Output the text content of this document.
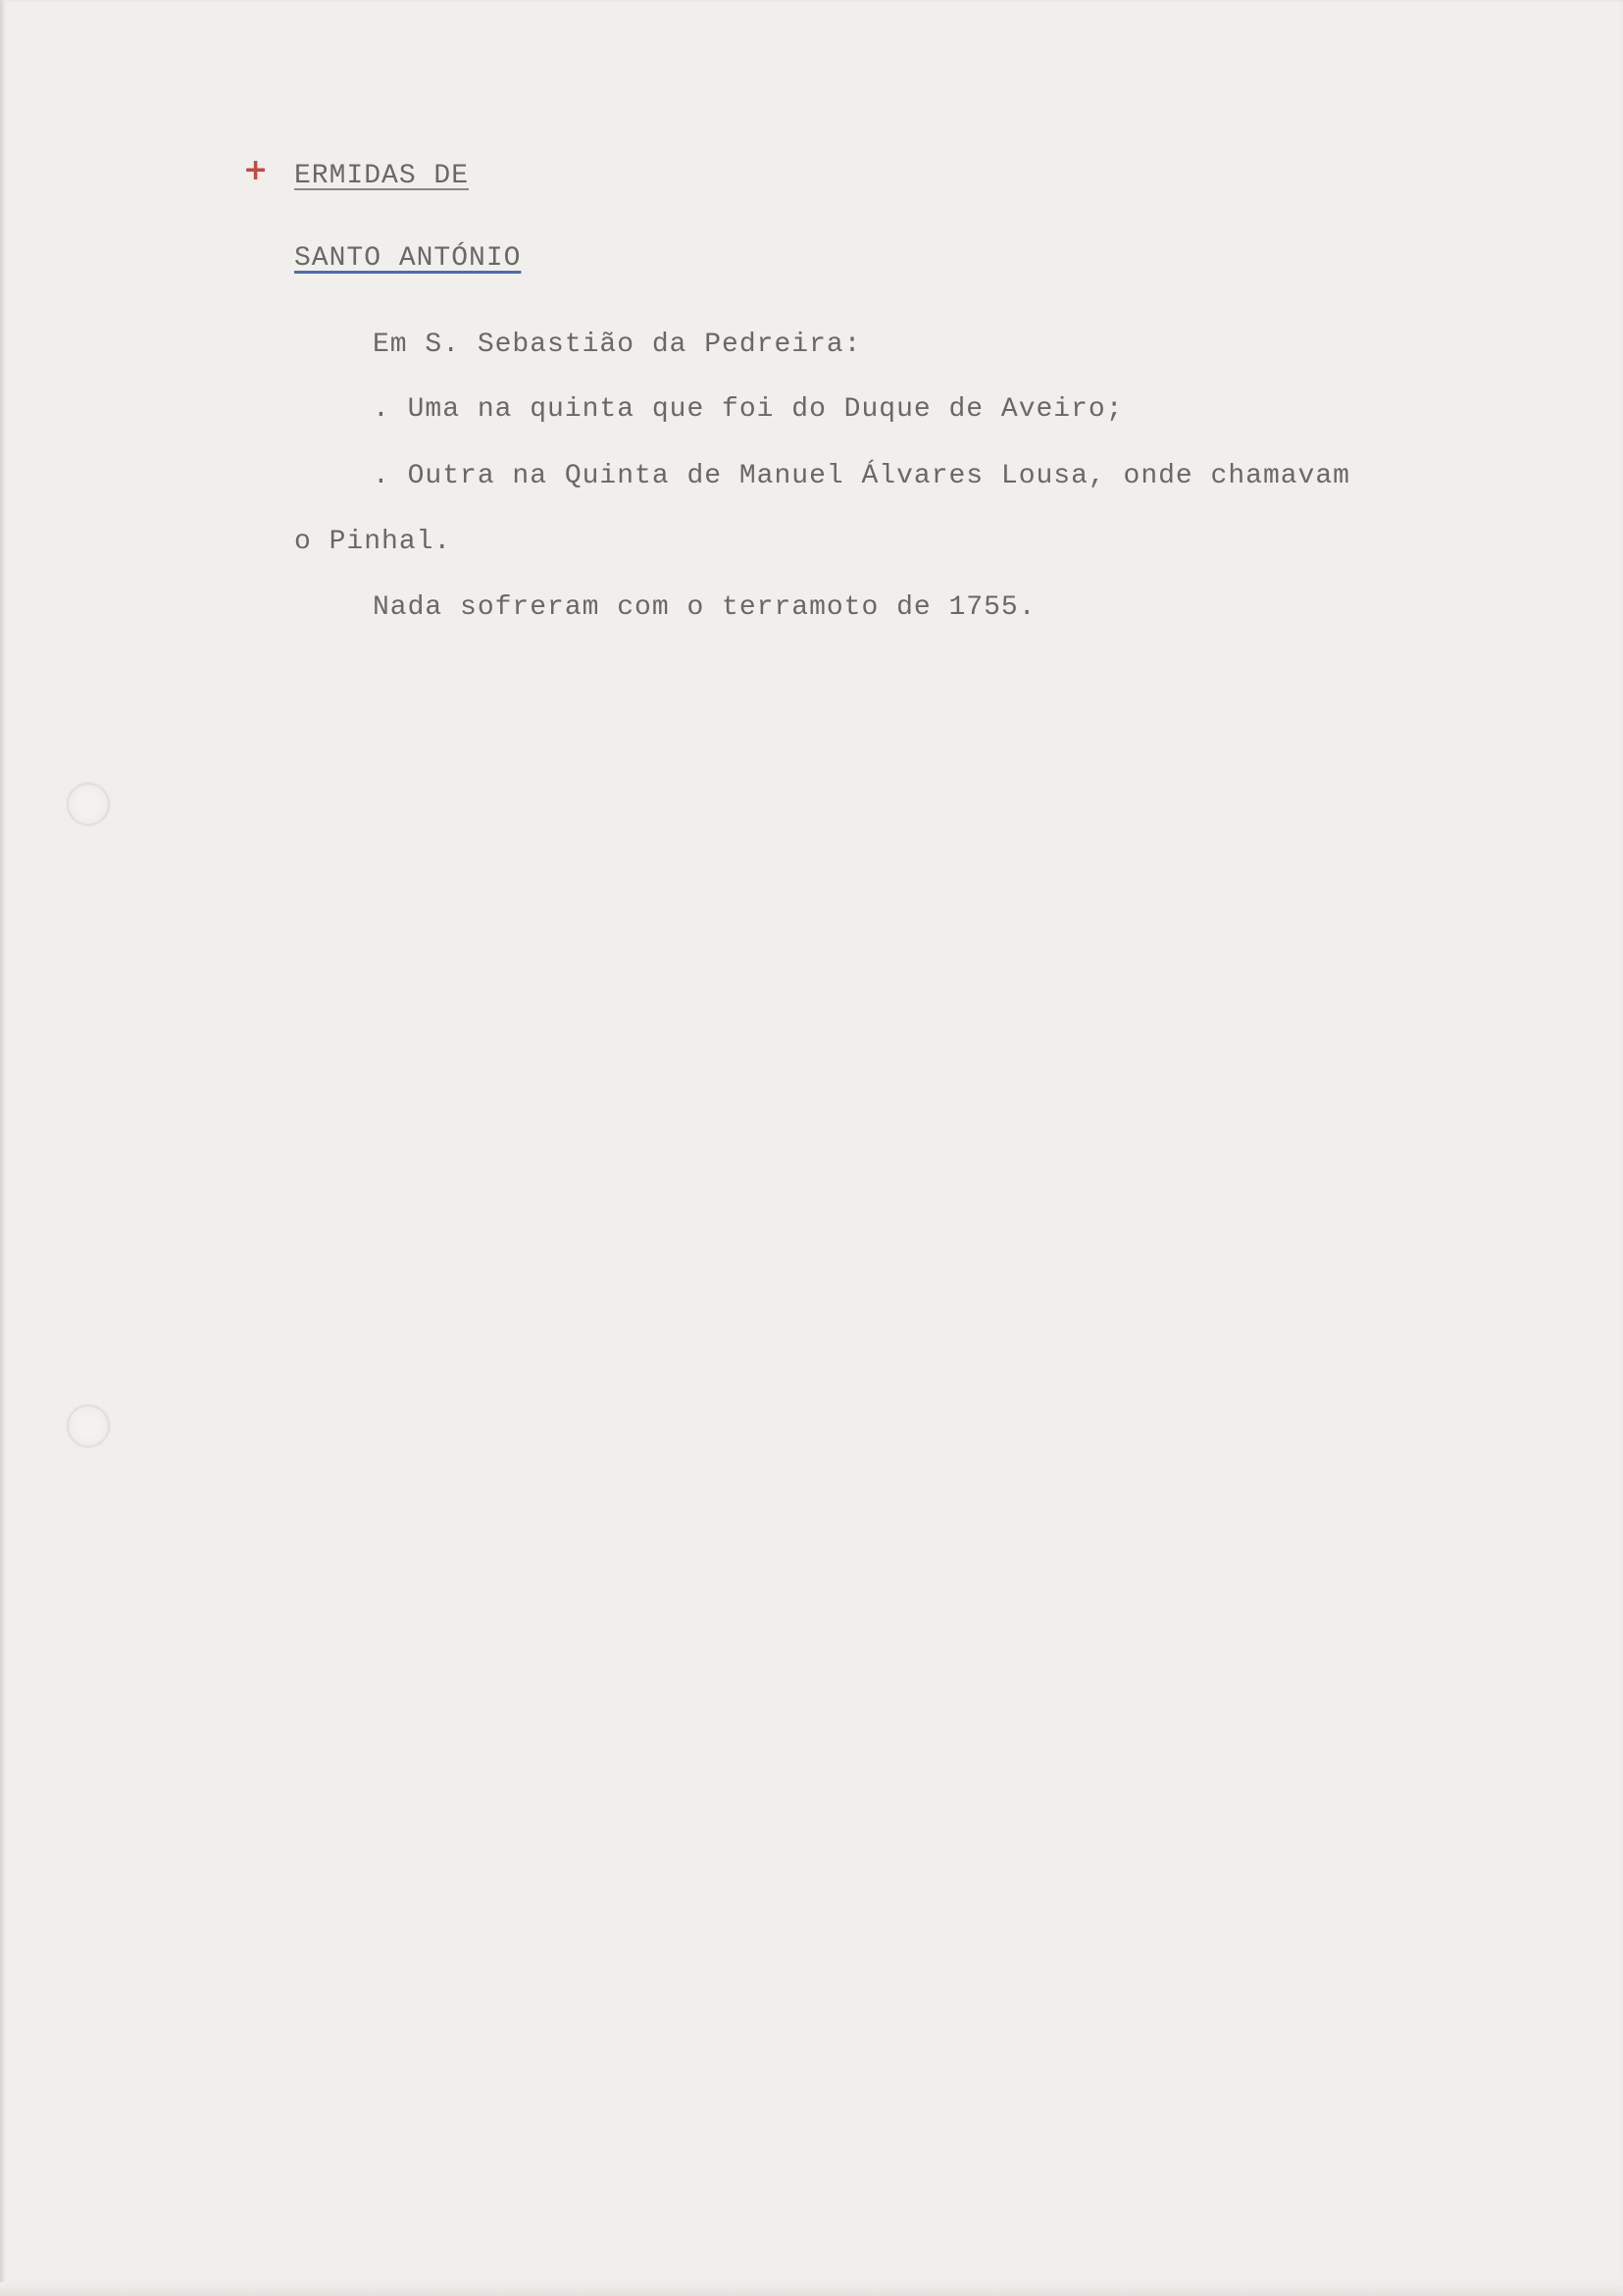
+ ERMIDAS DE
SANTO ANTÓNIO
Em S. Sebastião da Pedreira:
. Uma na quinta que foi do Duque de Aveiro;
. Outra na Quinta de Manuel Álvares Lousa, onde chamavam
o Pinhal.
Nada sofreram com o terramoto de 1755.
